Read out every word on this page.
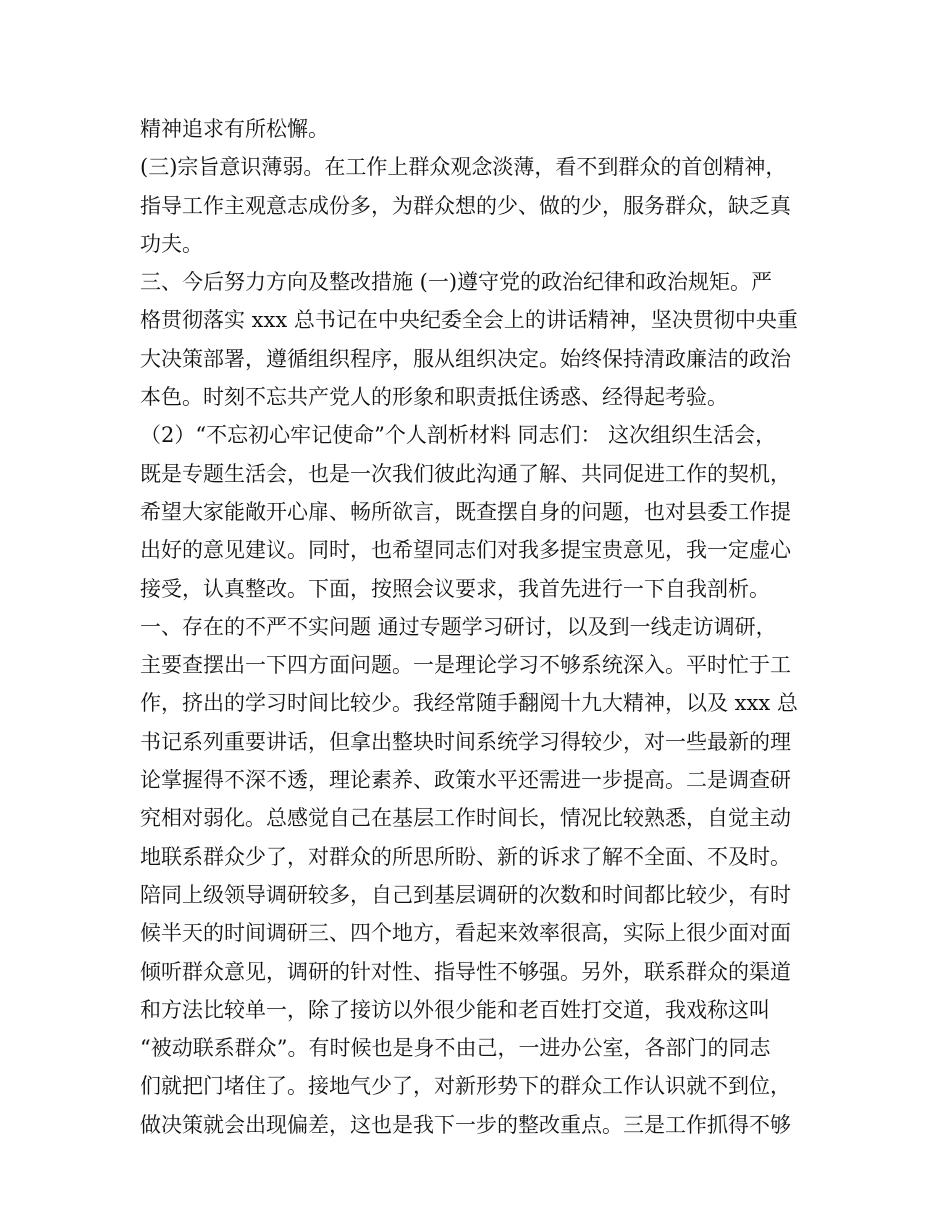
精神追求有所松懈。
(三)宗旨意识薄弱。在工作上群众观念淡薄，看不到群众的首创精神，
指导工作主观意志成份多，为群众想的少、做的少，服务群众，缺乏真
功夫。
三、今后努力方向及整改措施 (一)遵守党的政治纪律和政治规矩。严
格贯彻落实 xxx 总书记在中央纪委全会上的讲话精神，坚决贯彻中央重
大决策部署，遵循组织程序，服从组织决定。始终保持清政廉洁的政治
本色。时刻不忘共产党人的形象和职责抵住诱惑、经得起考验。
（2）“不忘初心牢记使命”个人剖析材料 同志们： 这次组织生活会，
既是专题生活会，也是一次我们彼此沟通了解、共同促进工作的契机，
希望大家能敞开心扉、畅所欲言，既查摆自身的问题，也对县委工作提
出好的意见建议。同时，也希望同志们对我多提宝贵意见，我一定虚心
接受，认真整改。下面，按照会议要求，我首先进行一下自我剖析。
一、存在的不严不实问题 通过专题学习研讨，以及到一线走访调研，
主要查摆出一下四方面问题。一是理论学习不够系统深入。平时忙于工
作，挤出的学习时间比较少。我经常随手翻阅十九大精神，以及 xxx 总
书记系列重要讲话，但拿出整块时间系统学习得较少，对一些最新的理
论掌握得不深不透，理论素养、政策水平还需进一步提高。二是调查研
究相对弱化。总感觉自己在基层工作时间长，情况比较熟悉，自觉主动
地联系群众少了，对群众的所思所盼、新的诉求了解不全面、不及时。
陪同上级领导调研较多，自己到基层调研的次数和时间都比较少，有时
候半天的时间调研三、四个地方，看起来效率很高，实际上很少面对面
倾听群众意见，调研的针对性、指导性不够强。另外，联系群众的渠道
和方法比较单一，除了接访以外很少能和老百姓打交道，我戏称这叫
“被动联系群众”。有时候也是身不由己，一进办公室，各部门的同志
们就把门堵住了。接地气少了，对新形势下的群众工作认识就不到位，
做决策就会出现偏差，这也是我下一步的整改重点。三是工作抓得不够
